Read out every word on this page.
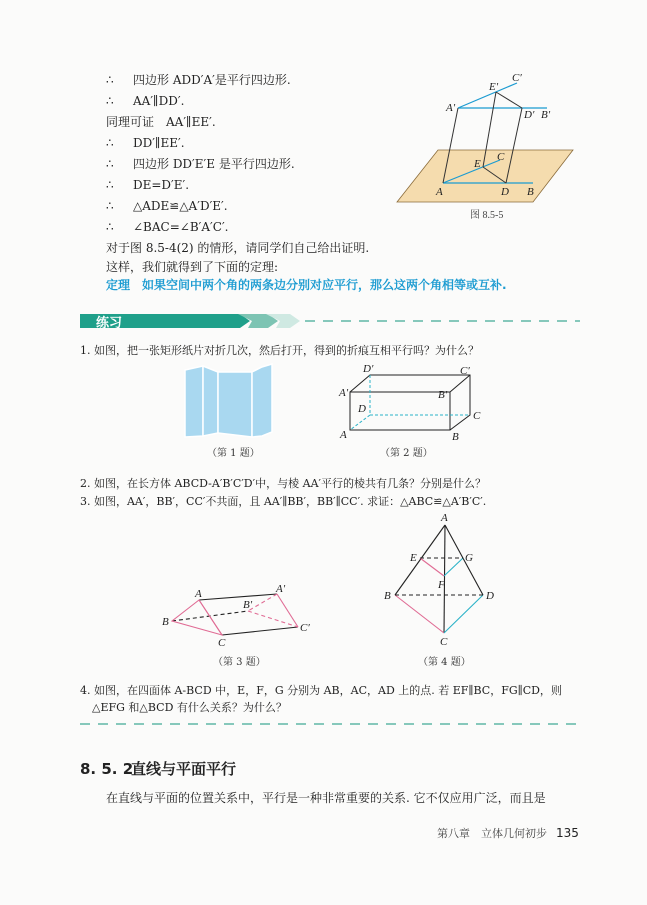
∴ 四边形 ADD′A′是平行四边形.
∴ AA′∥DD′.
同理可证　AA′∥EE′.
∴ DD′∥EE′.
∴ 四边形 DD′E′E 是平行四边形.
∴ DE=D′E′.
∴ △ADE≌△A′D′E′.
∴ ∠BAC=∠B′A′C′.
对于图 8.5-4(2) 的情形，请同学们自己给出证明.
这样，我们就得到了下面的定理:
定理　如果空间中两个角的两条边分别对应平行，那么这两个角相等或互补.
A	D B
E
C
A′
D′ B′
E′
C′
图 8.5-5
A	B
C
D
A′	B′
C′
D′
A
B
C
A′
B′
C′
A
B
C
D
E
F
G
练习
1. 如图，把一张矩形纸片对折几次，然后打开，得到的折痕互相平行吗？为什么？
（第 1 题）	（第 2 题）
2. 如图，在长方体 ABCD-A′B′C′D′中，与棱 AA′平行的棱共有几条？分别是什么？
3. 如图，AA′，BB′，CC′不共面，且 AA′∥BB′，BB′∥CC′. 求证：△ABC≌△A′B′C′.
（第 3 题）	（第 4 题）
4. 如图，在四面体 A-BCD 中，E，F，G 分别为 AB，AC，AD 上的点. 若 EF∥BC，FG∥CD，则
△EFG 和△BCD 有什么关系？为什么？
8. 5. 2
直线与平面平行
在直线与平面的位置关系中，平行是一种非常重要的关系. 它不仅应用广泛，而且是
第八章　立体几何初步 135
